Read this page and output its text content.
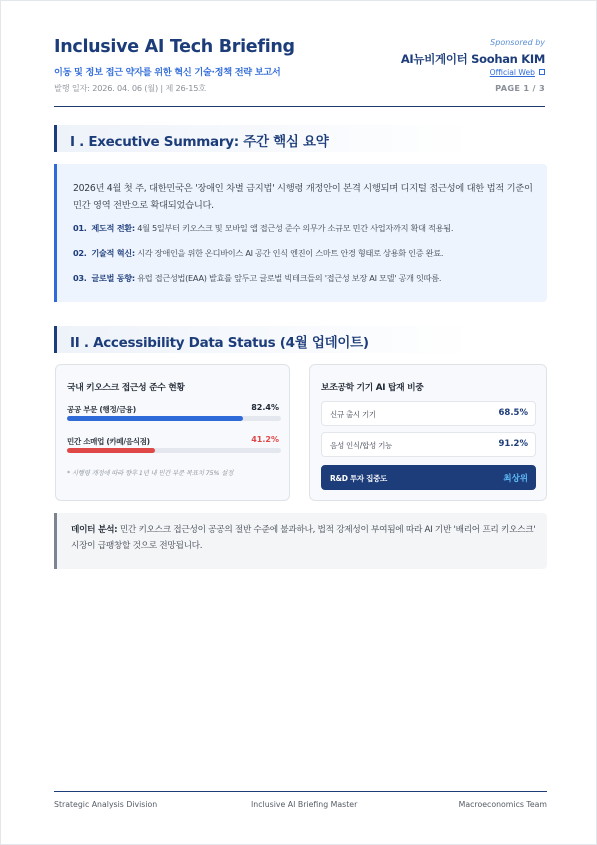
Inclusive AI Tech Briefing
이동 및 정보 접근 약자를 위한 혁신 기술·정책 전략 보고서
발행 일자: 2026. 04. 06 (월) | 제 26-15호
Sponsored by
AI뉴비게이터 Soohan KIM
Official Web
PAGE 1 / 3
I . Executive Summary: 주간 핵심 요약
2026년 4월 첫 주, 대한민국은 '장애인 차별 금지법' 시행령 개정안이 본격 시행되며 디지털 접근성에 대한 법적 기준이 민간 영역 전반으로 확대되었습니다.
01. 제도적 전환: 4월 5일부터 키오스크 및 모바일 앱 접근성 준수 의무가 소규모 민간 사업자까지 확대 적용됨.
02. 기술적 혁신: 시각 장애인을 위한 온디바이스 AI 공간 인식 엔진이 스마트 안경 형태로 상용화 인증 완료.
03. 글로벌 동향: 유럽 접근성법(EAA) 발효를 앞두고 글로벌 빅테크들의 '접근성 보장 AI 모델' 공개 잇따름.
II . Accessibility Data Status (4월 업데이트)
국내 키오스크 접근성 준수 현황
공공 부문 (행정/금융)	82.4%
민간 소매업 (카페/음식점)	41.2%
* 시행령 개정에 따라 향후 1년 내 민간 부문 목표치 75% 설정
보조공학 기기 AI 탑재 비중
신규 출시 기기	68.5%
음성 인식/합성 기능	91.2%
R&D 투자 집중도	최상위

데이터 분석: 민간 키오스크 접근성이 공공의 절반 수준에 불과하나, 법적 강제성이 부여됨에 따라 AI 기반 '배리어 프리 키오스크' 시장이 급팽창할 것으로 전망됩니다.

Strategic Analysis Division	Inclusive AI Briefing Master	Macroeconomics Team
